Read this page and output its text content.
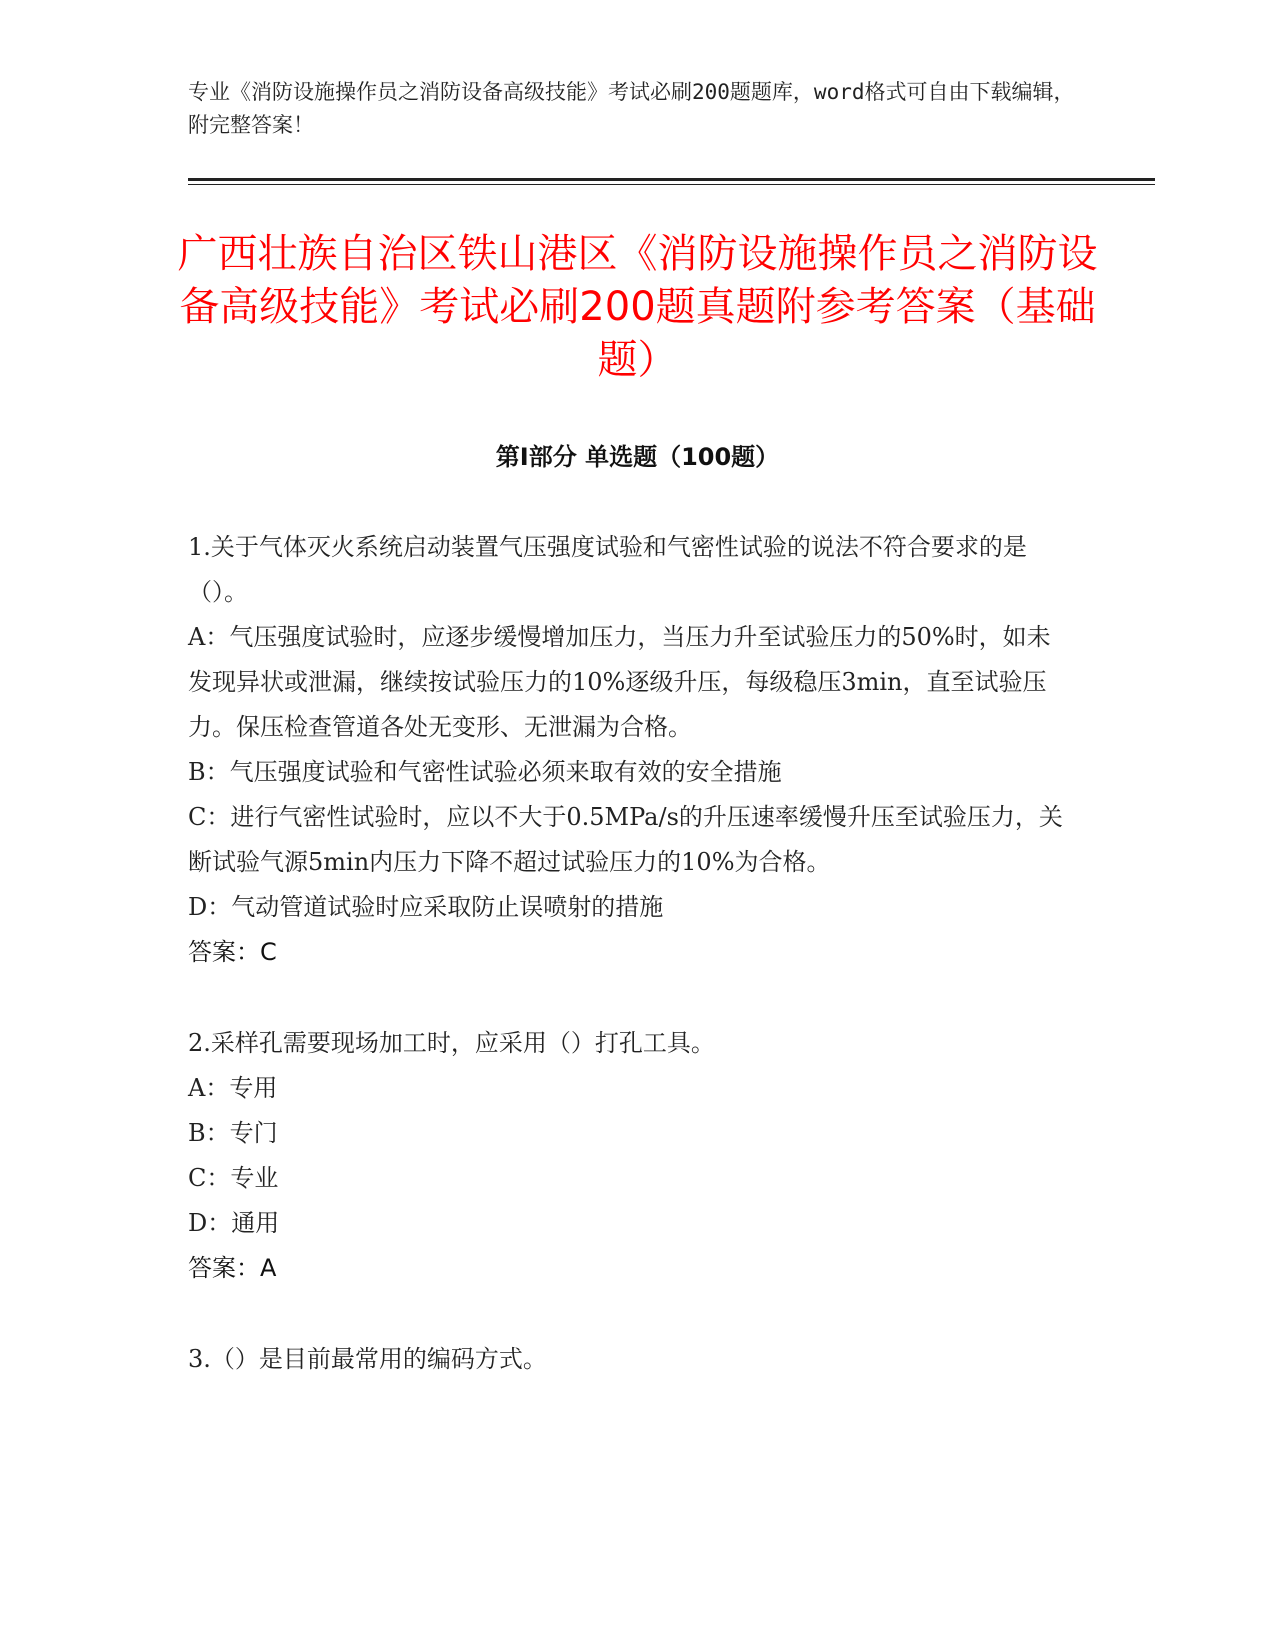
专业《消防设施操作员之消防设备高级技能》考试必刷200题题库，word格式可自由下载编辑，附完整答案！
广西壮族自治区铁山港区《消防设施操作员之消防设备高级技能》考试必刷200题真题附参考答案（基础题）
第I部分 单选题（100题）

1.关于气体灭火系统启动装置气压强度试验和气密性试验的说法不符合要求的是（）。

A：气压强度试验时，应逐步缓慢增加压力，当压力升至试验压力的50%时，如未发现异状或泄漏，继续按试验压力的10%逐级升压，每级稳压3min，直至试验压力。保压检查管道各处无变形、无泄漏为合格。

B：气压强度试验和气密性试验必须来取有效的安全措施

C：进行气密性试验时，应以不大于0.5MPa/s的升压速率缓慢升压至试验压力，关断试验气源5min内压力下降不超过试验压力的10%为合格。

D：气动管道试验时应采取防止误喷射的措施

答案：C

2.采样孔需要现场加工时，应采用（）打孔工具。

A：专用

B：专门

C：专业

D：通用

答案：A

3.（）是目前最常用的编码方式。
